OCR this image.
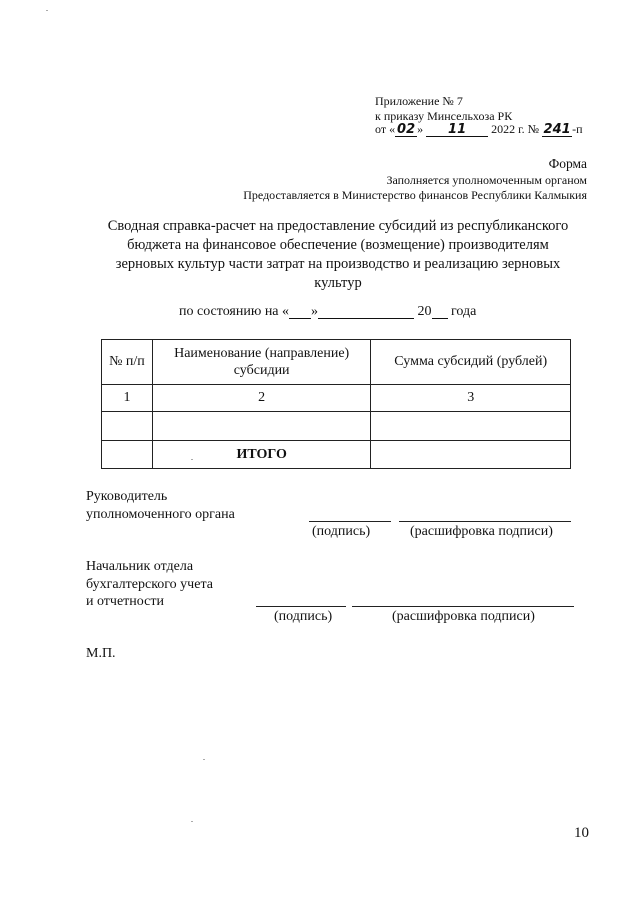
Приложение № 7
к приказу Минсельхоза РК
от « 02 » 11 2022 г. № 241-п
Форма
Заполняется уполномоченным органом
Предоставляется в Министерство финансов Республики Калмыкия
Сводная справка-расчет на предоставление субсидий из республиканского
бюджета на финансовое обеспечение (возмещение) производителям
зерновых культур части затрат на производство и реализацию зерновых
культур
по состоянию на « »	20 года
№ п/п	Наименование (направление) субсидии	Сумма субсидий (рублей)
1	2	3

	ИТОГО	
Руководитель
уполномоченного органа
(подпись)	(расшифровка подписи)
Начальник отдела
бухгалтерского учета
и отчетности
(подпись)	(расшифровка подписи)
М.П.
10
